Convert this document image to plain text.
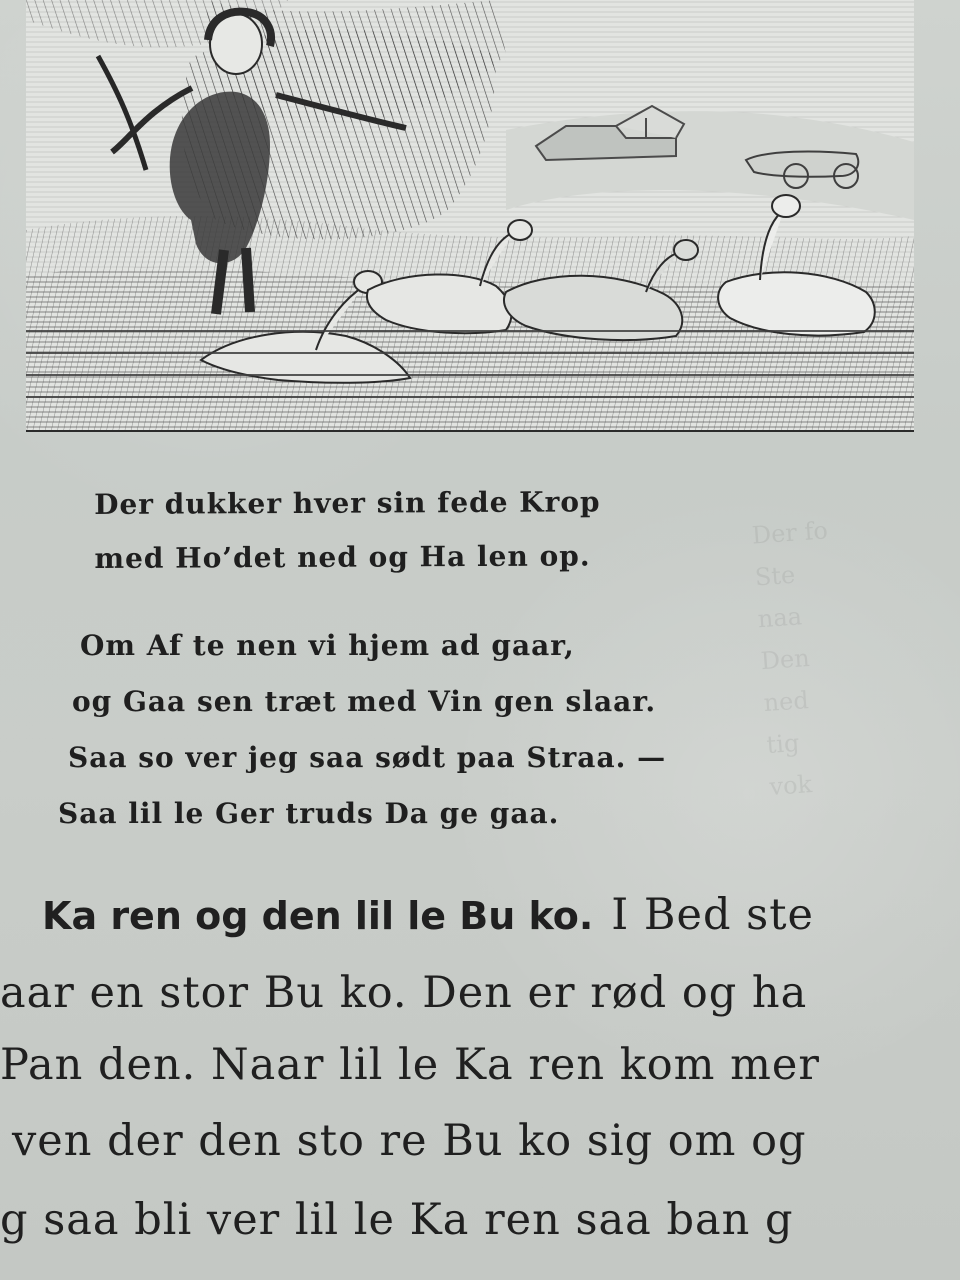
Der dukker hver sin fede Krop
med Ho’det ned og Ha len op.
Om Af te nen vi hjem ad gaar,
og Gaa sen træt med Vin gen slaar.
Saa so ver jeg saa sødt paa Straa. —
Saa lil le Ger truds Da ge gaa.
Der fo
Ste
naa
Den
ned
tig
vok
Ka ren og den lil le Bu ko. I Bed ste
aar en stor Bu ko. Den er rød og ha
Pan den. Naar lil le Ka ren kom mer
ven der den sto re Bu ko sig om og
g saa bli ver lil le Ka ren saa ban g
